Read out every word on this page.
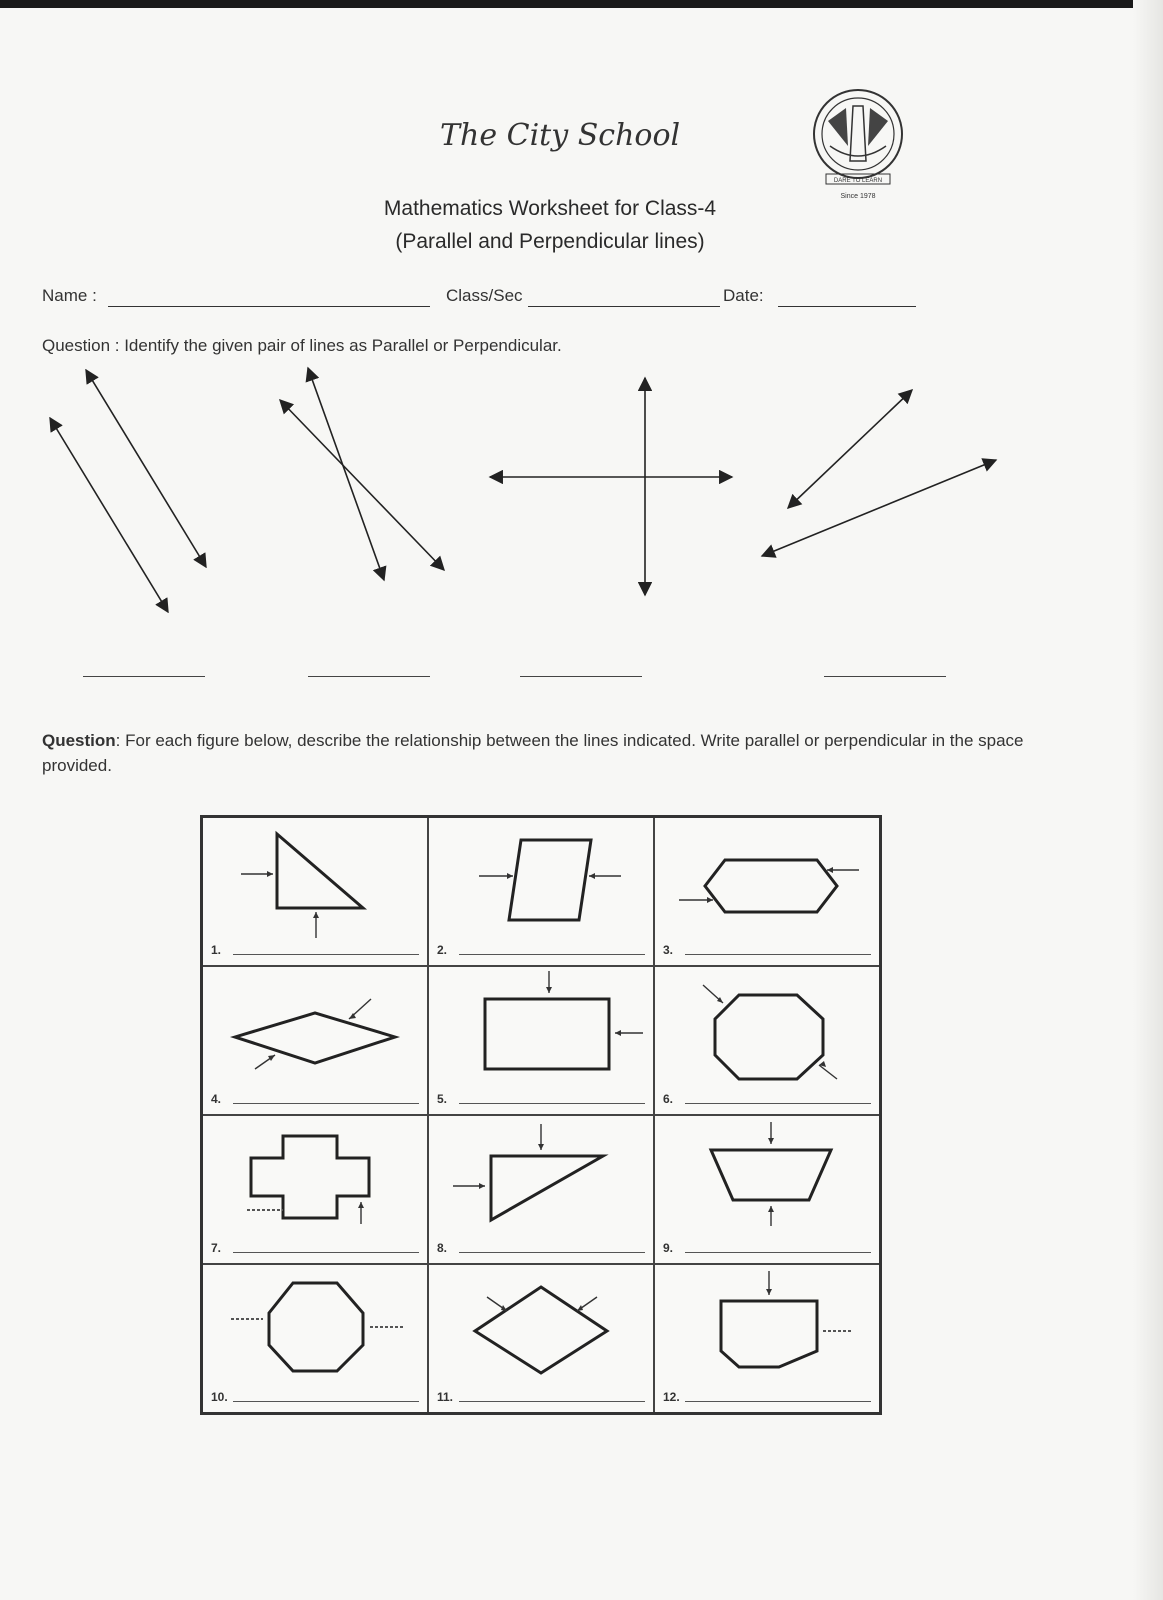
The City School
DARE TO LEARN
Since 1978
Mathematics Worksheet for Class-4
(Parallel and Perpendicular lines)
Name :	Class/Sec	Date:
Question : Identify the given pair of lines as Parallel or Perpendicular.
Question: For each figure below, describe the relationship between the lines indicated. Write parallel or perpendicular in the space provided.
1.	2.	3.

4.	5.	6.

7.	8.	9.

10.	11.	12.
